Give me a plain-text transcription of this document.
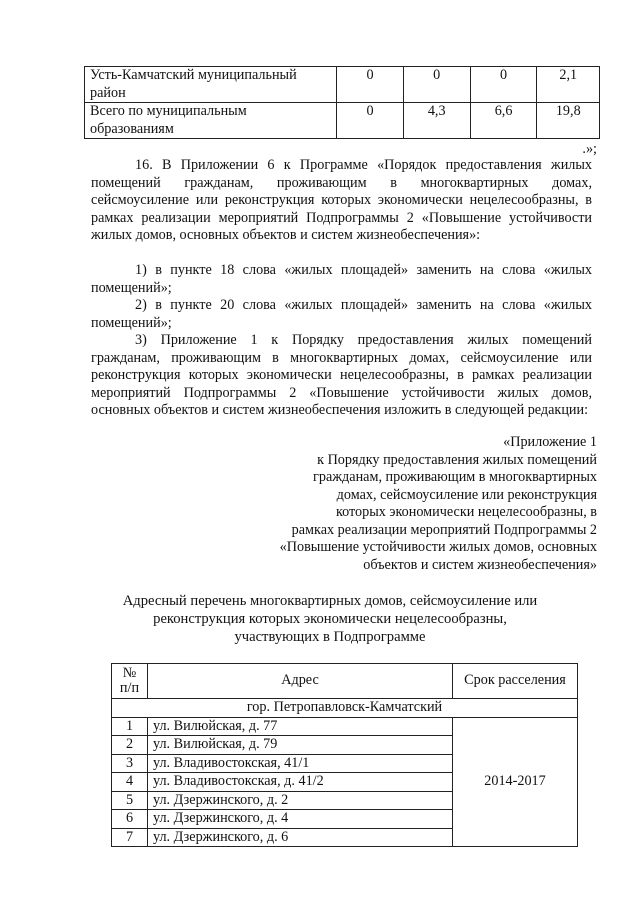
Усть-Камчатский муниципальный район	0	0	0	2,1
Всего по муниципальным образованиям	0	4,3	6,6	19,8
.»;
16. В Приложении 6 к Программе «Порядок предоставления жилых помещений гражданам, проживающим в многоквартирных домах, сейсмоусиление или реконструкция которых экономически нецелесообразны, в рамках реализации мероприятий Подпрограммы 2 «Повышение устойчивости жилых домов, основных объектов и систем жизнеобеспечения»:
1) в пункте 18 слова «жилых площадей» заменить на слова «жилых помещений»;
2) в пункте 20 слова «жилых площадей» заменить на слова «жилых помещений»;
3) Приложение 1 к Порядку предоставления жилых помещений гражданам, проживающим в многоквартирных домах, сейсмоусиление или реконструкция которых экономически нецелесообразны, в рамках реализации мероприятий Подпрограммы 2 «Повышение устойчивости жилых домов, основных объектов и систем жизнеобеспечения изложить в следующей редакции:
«Приложение 1
к Порядку предоставления жилых помещений
гражданам, проживающим в многоквартирных
домах, сейсмоусиление или реконструкция
которых экономически нецелесообразны, в
рамках реализации мероприятий Подпрограммы 2
«Повышение устойчивости жилых домов, основных
объектов и систем жизнеобеспечения»
Адресный перечень многоквартирных домов, сейсмоусиление или
реконструкция которых экономически нецелесообразны,
участвующих в Подпрограмме
№
п/п	Адрес	Срок расселения
гор. Петропавловск-Камчатский		
1	ул. Вилюйская, д. 77	2014-2017
2	ул. Вилюйская, д. 79	
3	ул. Владивостокская, 41/1	
4	ул. Владивостокская, д. 41/2	
5	ул. Дзержинского, д. 2	
6	ул. Дзержинского, д. 4	
7	ул. Дзержинского, д. 6	
